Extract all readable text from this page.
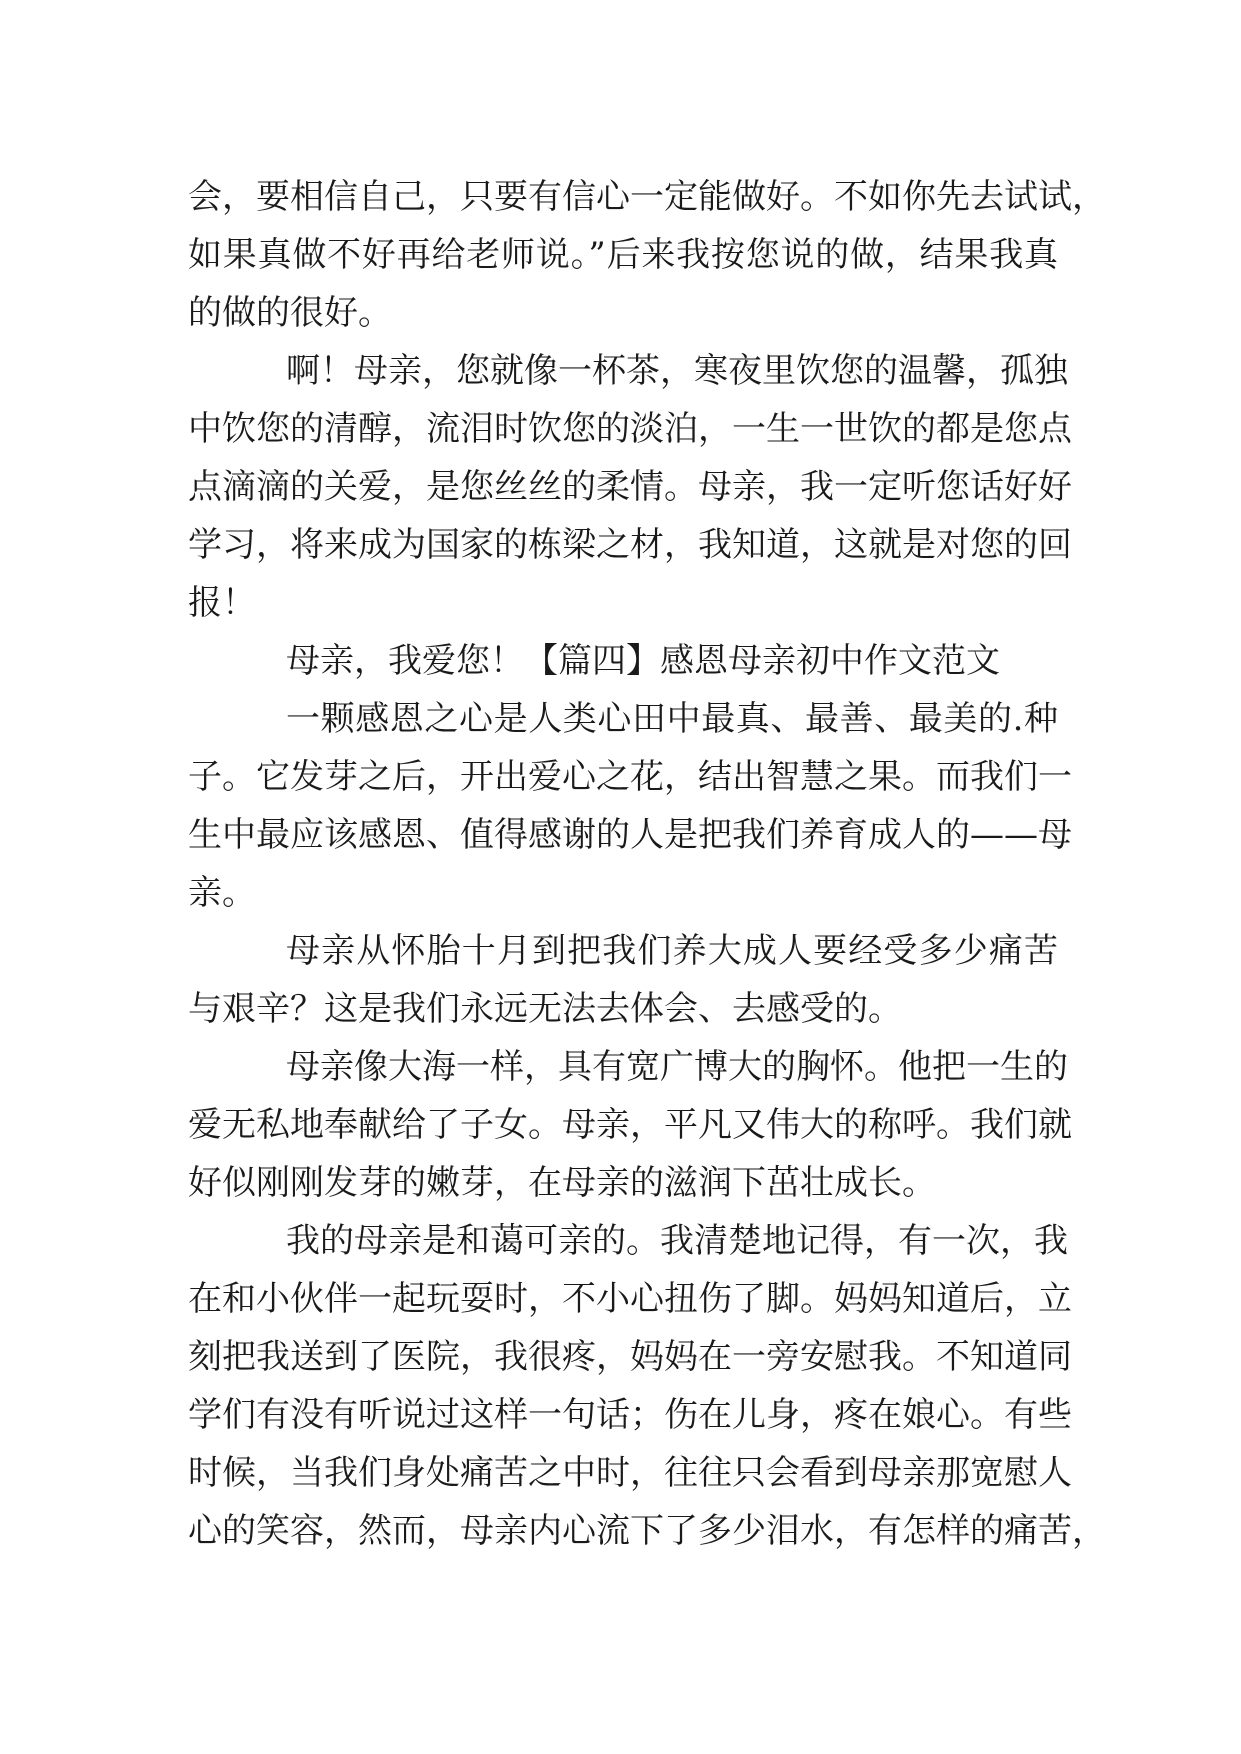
会，要相信自己，只要有信心一定能做好。不如你先去试试，
如果真做不好再给老师说。”后来我按您说的做，结果我真
的做的很好。
啊！母亲，您就像一杯茶，寒夜里饮您的温馨，孤独
中饮您的清醇，流泪时饮您的淡泊，一生一世饮的都是您点
点滴滴的关爱，是您丝丝的柔情。母亲，我一定听您话好好
学习，将来成为国家的栋梁之材，我知道，这就是对您的回
报！
母亲，我爱您！【篇四】感恩母亲初中作文范文
一颗感恩之心是人类心田中最真、最善、最美的.种
子。它发芽之后，开出爱心之花，结出智慧之果。而我们一
生中最应该感恩、值得感谢的人是把我们养育成人的——母
亲。
母亲从怀胎十月到把我们养大成人要经受多少痛苦
与艰辛？这是我们永远无法去体会、去感受的。
母亲像大海一样，具有宽广博大的胸怀。他把一生的
爱无私地奉献给了子女。母亲，平凡又伟大的称呼。我们就
好似刚刚发芽的嫩芽，在母亲的滋润下茁壮成长。
我的母亲是和蔼可亲的。我清楚地记得，有一次，我
在和小伙伴一起玩耍时，不小心扭伤了脚。妈妈知道后，立
刻把我送到了医院，我很疼，妈妈在一旁安慰我。不知道同
学们有没有听说过这样一句话；伤在儿身，疼在娘心。有些
时候，当我们身处痛苦之中时，往往只会看到母亲那宽慰人
心的笑容，然而，母亲内心流下了多少泪水，有怎样的痛苦，
